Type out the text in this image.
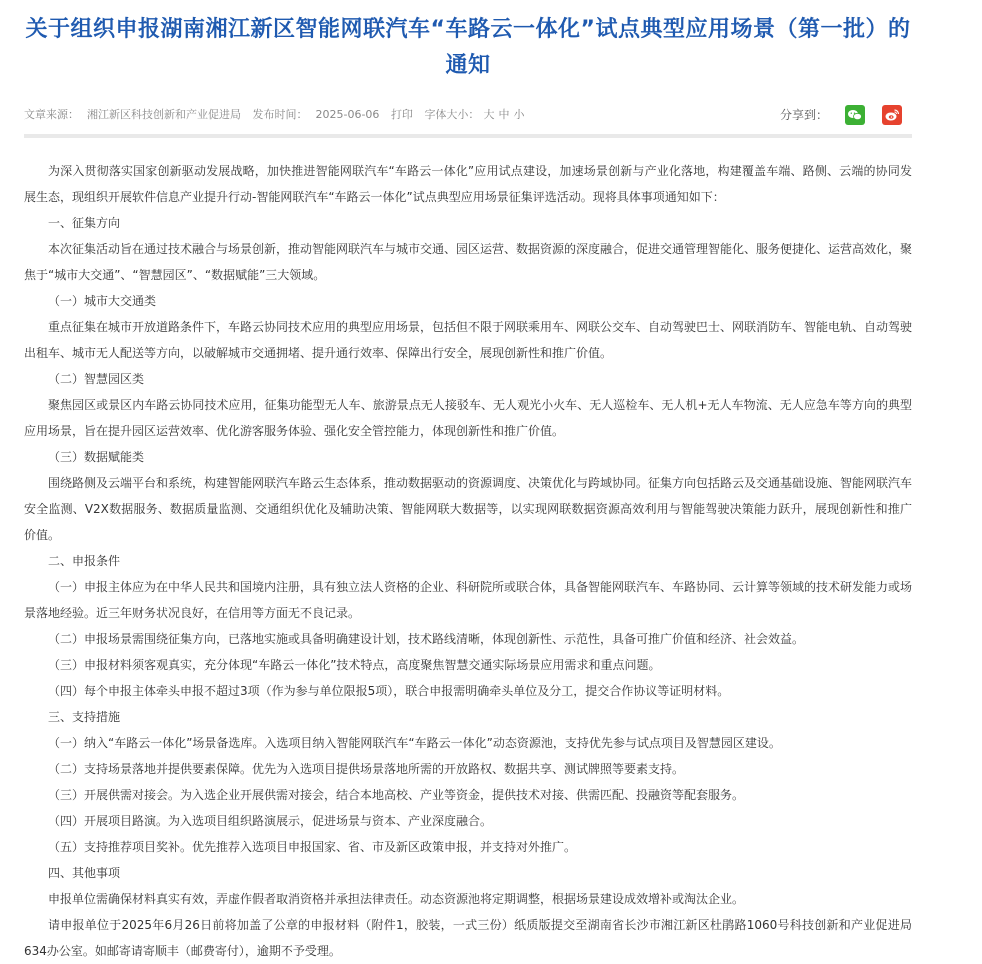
关于组织申报湖南湘江新区智能网联汽车“车路云一体化”试点典型应用场景（第一批）的通知
文章来源： 湘江新区科技创新和产业促进局 发布时间： 2025-06-06 打印 字体大小： 大 中 小	分享到：

为深入贯彻落实国家创新驱动发展战略，加快推进智能网联汽车“车路云一体化”应用试点建设，加速场景创新与产业化落地，构建覆盖车端、路侧、云端的协同发展生态，现组织开展软件信息产业提升行动-智能网联汽车“车路云一体化”试点典型应用场景征集评选活动。现将具体事项通知如下：

一、征集方向

本次征集活动旨在通过技术融合与场景创新，推动智能网联汽车与城市交通、园区运营、数据资源的深度融合，促进交通管理智能化、服务便捷化、运营高效化，聚焦于“城市大交通”、“智慧园区”、“数据赋能”三大领域。

（一）城市大交通类

重点征集在城市开放道路条件下，车路云协同技术应用的典型应用场景，包括但不限于网联乘用车、网联公交车、自动驾驶巴士、网联消防车、智能电轨、自动驾驶出租车、城市无人配送等方向，以破解城市交通拥堵、提升通行效率、保障出行安全，展现创新性和推广价值。

（二）智慧园区类

聚焦园区或景区内车路云协同技术应用，征集功能型无人车、旅游景点无人接驳车、无人观光小火车、无人巡检车、无人机+无人车物流、无人应急车等方向的典型应用场景，旨在提升园区运营效率、优化游客服务体验、强化安全管控能力，体现创新性和推广价值。

（三）数据赋能类

围绕路侧及云端平台和系统，构建智能网联汽车路云生态体系，推动数据驱动的资源调度、决策优化与跨域协同。征集方向包括路云及交通基础设施、智能网联汽车安全监测、V2X数据服务、数据质量监测、交通组织优化及辅助决策、智能网联大数据等，以实现网联数据资源高效利用与智能驾驶决策能力跃升，展现创新性和推广价值。

二、申报条件

（一）申报主体应为在中华人民共和国境内注册，具有独立法人资格的企业、科研院所或联合体，具备智能网联汽车、车路协同、云计算等领域的技术研发能力或场景落地经验。近三年财务状况良好，在信用等方面无不良记录。

（二）申报场景需围绕征集方向，已落地实施或具备明确建设计划，技术路线清晰，体现创新性、示范性，具备可推广价值和经济、社会效益。

（三）申报材料须客观真实，充分体现“车路云一体化”技术特点，高度聚焦智慧交通实际场景应用需求和重点问题。

（四）每个申报主体牵头申报不超过3项（作为参与单位限报5项），联合申报需明确牵头单位及分工，提交合作协议等证明材料。

三、支持措施

（一）纳入“车路云一体化”场景备选库。入选项目纳入智能网联汽车“车路云一体化”动态资源池，支持优先参与试点项目及智慧园区建设。

（二）支持场景落地并提供要素保障。优先为入选项目提供场景落地所需的开放路权、数据共享、测试牌照等要素支持。

（三）开展供需对接会。为入选企业开展供需对接会，结合本地高校、产业等资金，提供技术对接、供需匹配、投融资等配套服务。

（四）开展项目路演。为入选项目组织路演展示，促进场景与资本、产业深度融合。

（五）支持推荐项目奖补。优先推荐入选项目申报国家、省、市及新区政策申报，并支持对外推广。

四、其他事项

申报单位需确保材料真实有效，弄虚作假者取消资格并承担法律责任。动态资源池将定期调整，根据场景建设成效增补或淘汰企业。

请申报单位于2025年6月26日前将加盖了公章的申报材料（附件1，胶装，一式三份）纸质版提交至湖南省长沙市湘江新区杜鹃路1060号科技创新和产业促进局634办公室。如邮寄请寄顺丰（邮费寄付），逾期不予受理。
